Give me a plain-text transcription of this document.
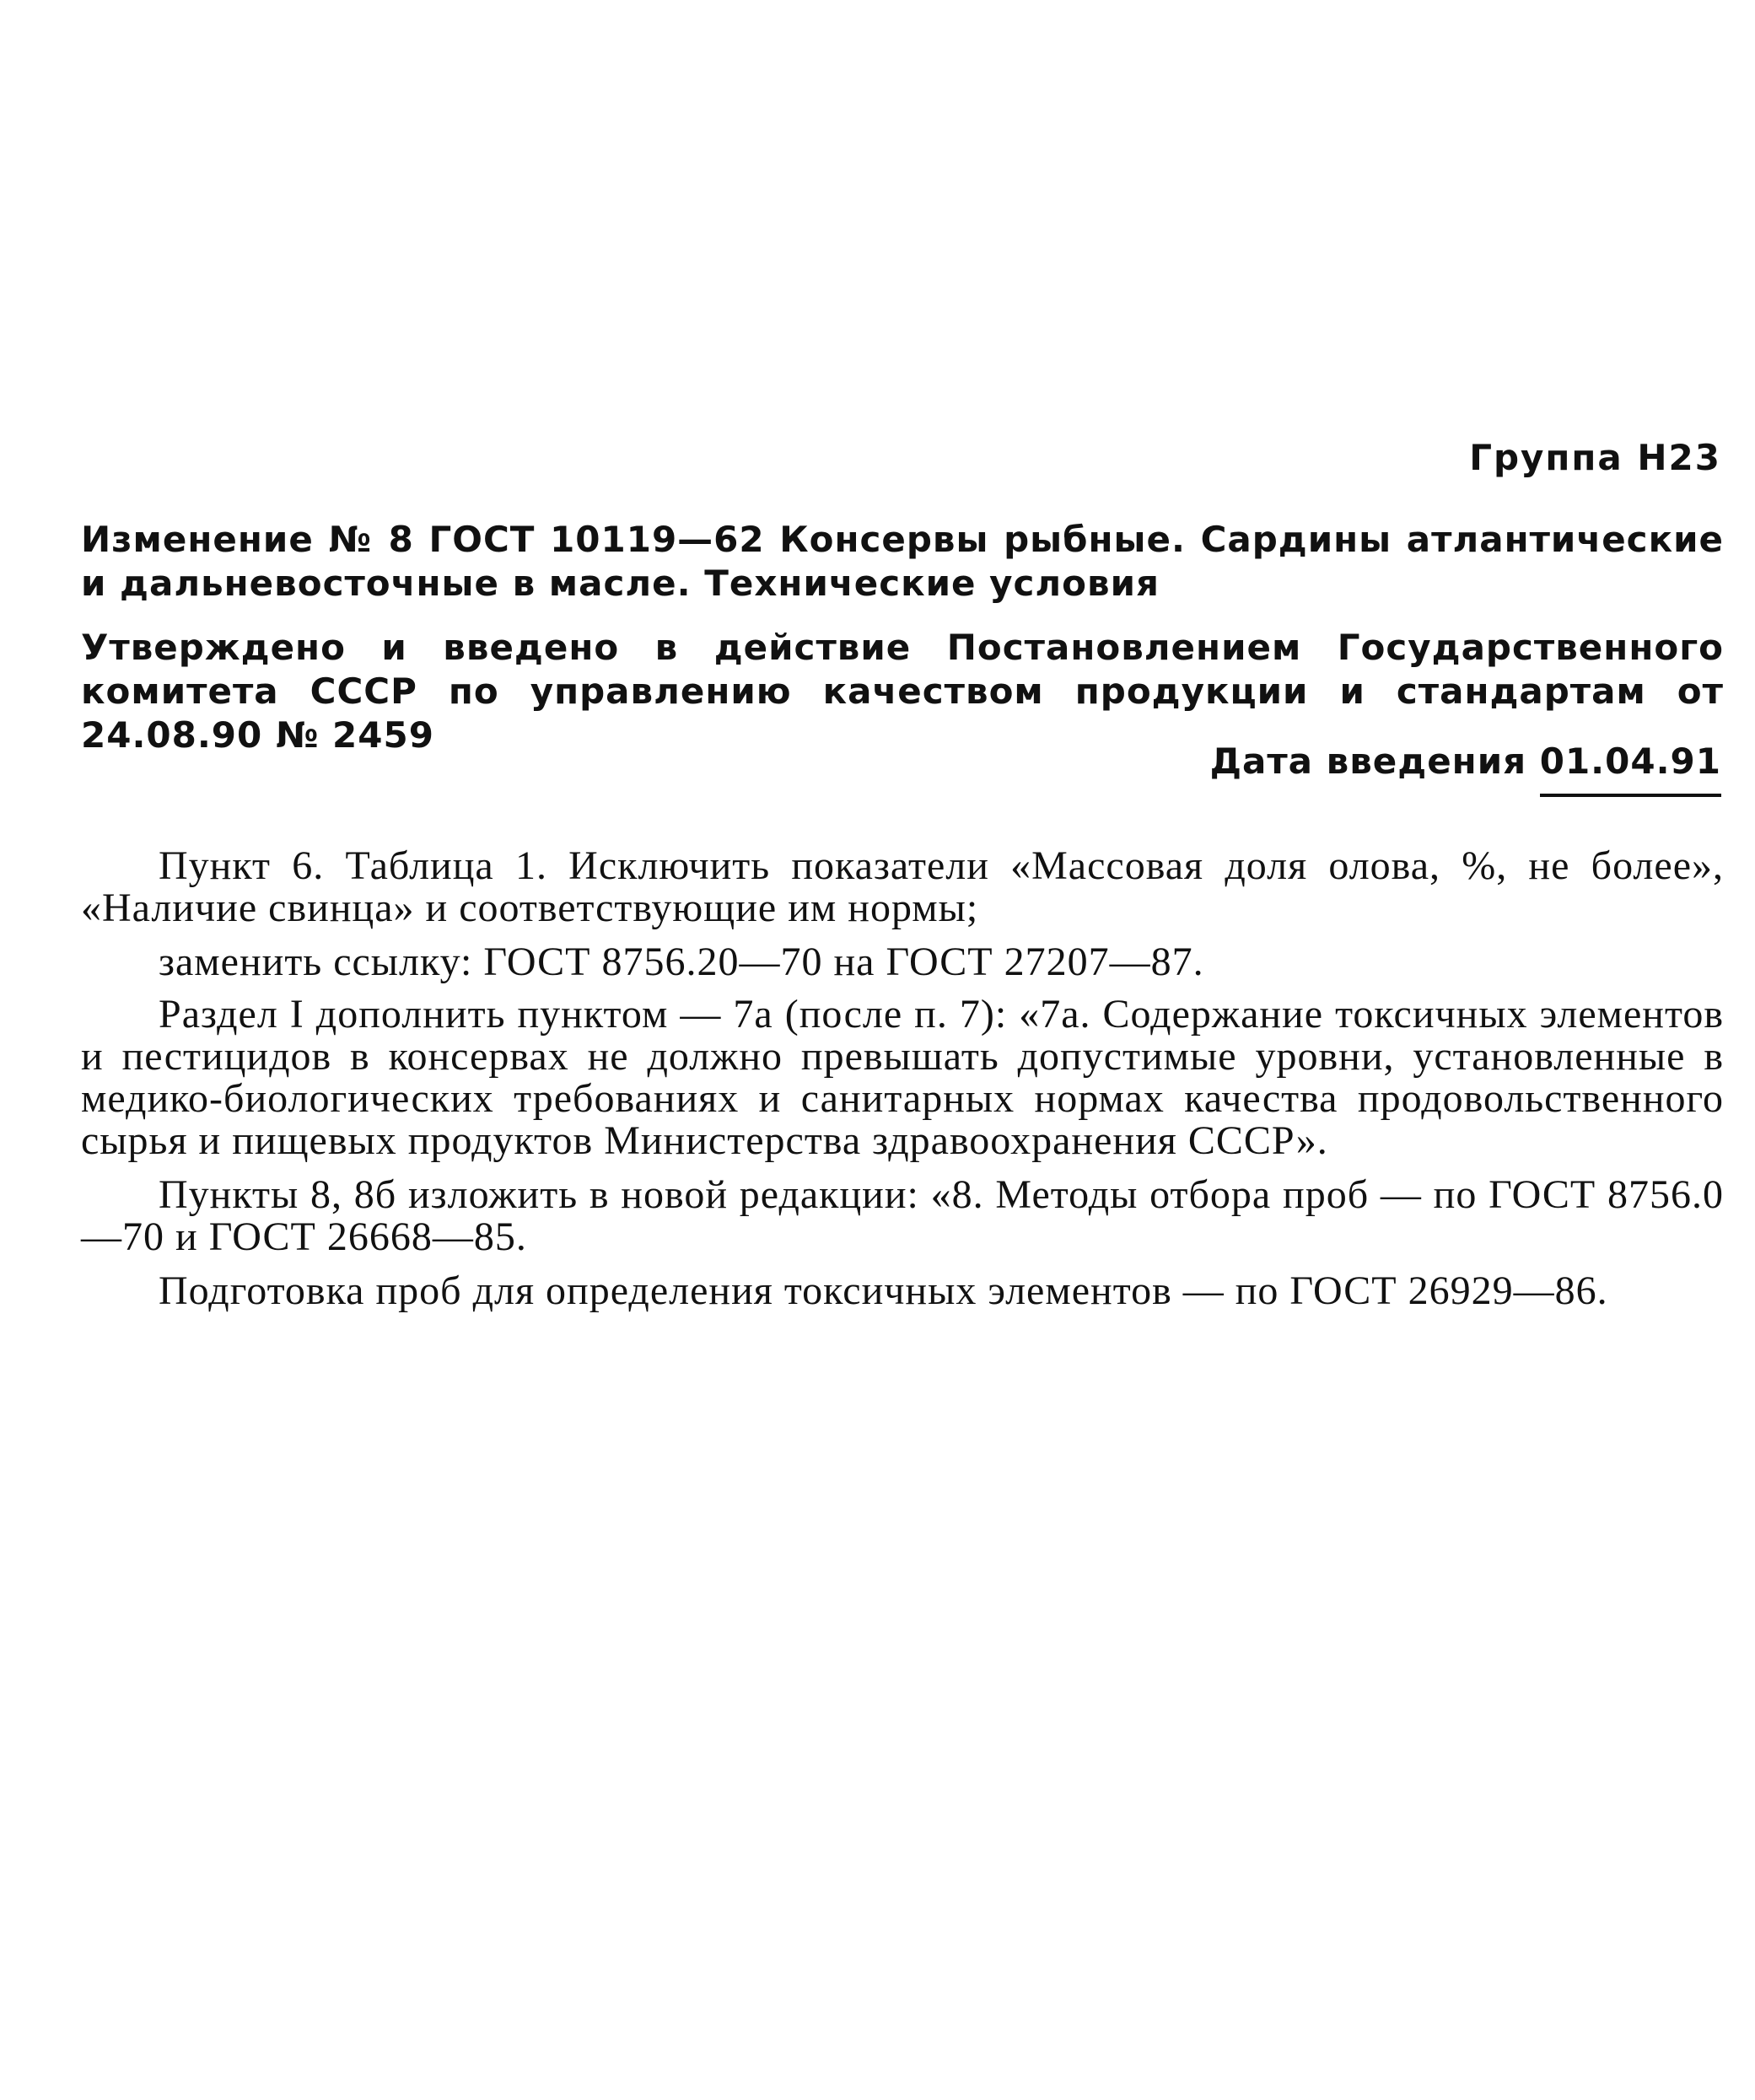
Группа Н23
Изменение № 8 ГОСТ 10119—62 Консервы рыбные. Сардины атлантические и дальневосточные в масле. Технические условия
Утверждено и введено в действие Постановлением Государственного комитета СССР по управлению качеством продукции и стандартам от 24.08.90 № 2459
Дата введения 01.04.91

Пункт 6. Таблица 1. Исключить показатели «Массовая доля олова, %, не более», «Наличие свинца» и соответствующие им нормы;

заменить ссылку: ГОСТ 8756.20—70 на ГОСТ 27207—87.

Раздел I дополнить пунктом — 7а (после п. 7): «7а. Содержание токсичных элементов и пестицидов в консервах не должно превышать допустимые уровни, установленные в медико-биологических требованиях и санитарных нормах качества продовольственного сырья и пищевых продуктов Министерства здравоохранения СССР».

Пункты 8, 8б изложить в новой редакции: «8. Методы отбора проб — по ГОСТ 8756.0—70 и ГОСТ 26668—85.

Подготовка проб для определения токсичных элементов — по ГОСТ 26929—86.
